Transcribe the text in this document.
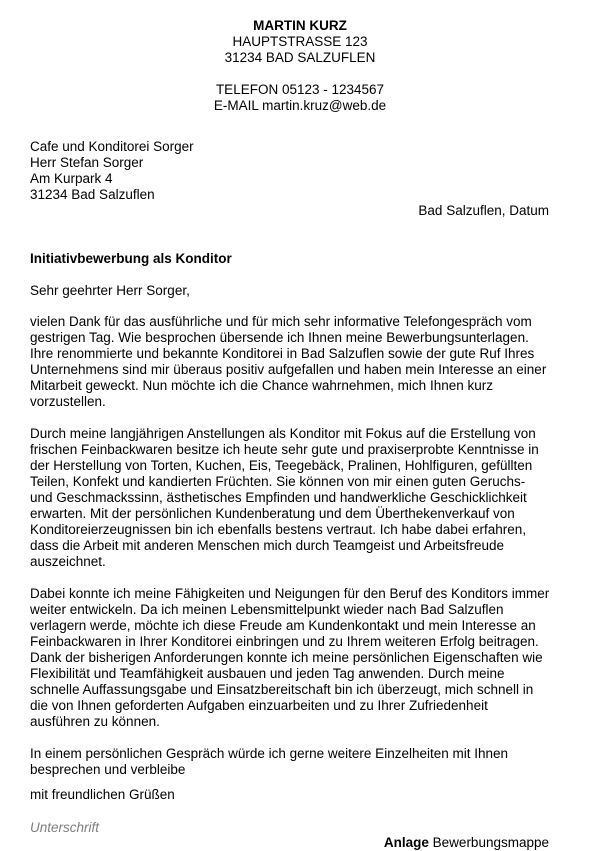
MARTIN KURZ
HAUPTSTRASSE 123
31234 BAD SALZUFLEN
TELEFON 05123 - 1234567
E-MAIL martin.kruz@web.de
Cafe und Konditorei Sorger
Herr Stefan Sorger
Am Kurpark 4
31234 Bad Salzuflen
Bad Salzuflen, Datum
Initiativbewerbung als Konditor
Sehr geehrter Herr Sorger,

vielen Dank für das ausführliche und für mich sehr informative Telefongespräch vom gestrigen Tag. Wie besprochen übersende ich Ihnen meine Bewerbungsunterlagen. Ihre renommierte und bekannte Konditorei in Bad Salzuflen sowie der gute Ruf Ihres Unternehmens sind mir überaus positiv aufgefallen und haben mein Interesse an einer Mitarbeit geweckt. Nun möchte ich die Chance wahrnehmen, mich Ihnen kurz vorzustellen.

Durch meine langjährigen Anstellungen als Konditor mit Fokus auf die Erstellung von frischen Feinbackwaren besitze ich heute sehr gute und praxiserprobte Kenntnisse in der Herstellung von Torten, Kuchen, Eis, Teegebäck, Pralinen, Hohlfiguren, gefüllten Teilen, Konfekt und kandierten Früchten. Sie können von mir einen guten Geruchs- und Geschmackssinn, ästhetisches Empfinden und handwerkliche Geschicklichkeit erwarten. Mit der persönlichen Kundenberatung und dem Überthekenverkauf von Konditoreierzeugnissen bin ich ebenfalls bestens vertraut. Ich habe dabei erfahren, dass die Arbeit mit anderen Menschen mich durch Teamgeist und Arbeitsfreude auszeichnet.

Dabei konnte ich meine Fähigkeiten und Neigungen für den Beruf des Konditors immer weiter entwickeln. Da ich meinen Lebensmittelpunkt wieder nach Bad Salzuflen verlagern werde, möchte ich diese Freude am Kundenkontakt und mein Interesse an Feinbackwaren in Ihrer Konditorei einbringen und zu Ihrem weiteren Erfolg beitragen. Dank der bisherigen Anforderungen konnte ich meine persönlichen Eigenschaften wie Flexibilität und Teamfähigkeit ausbauen und jeden Tag anwenden. Durch meine schnelle Auffassungsgabe und Einsatzbereitschaft bin ich überzeugt, mich schnell in die von Ihnen geforderten Aufgaben einzuarbeiten und zu Ihrer Zufriedenheit ausführen zu können.

In einem persönlichen Gespräch würde ich gerne weitere Einzelheiten mit Ihnen besprechen und verbleibe

mit freundlichen Grüßen
Unterschrift
Anlage Bewerbungsmappe
